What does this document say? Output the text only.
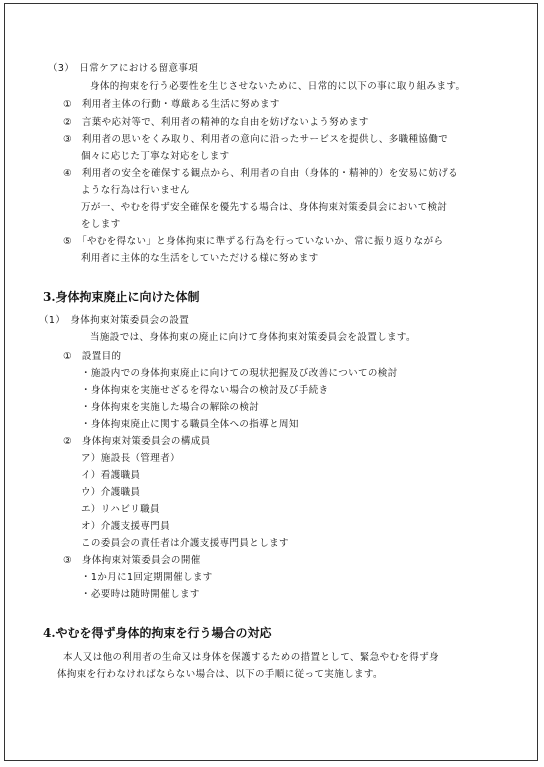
（3）　日常ケアにおける留意事項
身体的拘束を行う必要性を生じさせないために、日常的に以下の事に取り組みます。
①　利用者主体の行動・尊厳ある生活に努めます
②　言葉や応対等で、利用者の精神的な自由を妨げないよう努めます
③　利用者の思いをくみ取り、利用者の意向に沿ったサービスを提供し、多職種協働で
個々に応じた丁寧な対応をします
④　利用者の安全を確保する観点から、利用者の自由（身体的・精神的）を安易に妨げる
ような行為は行いません
万が一、やむを得ず安全確保を優先する場合は、身体拘束対策委員会において検討
をします
⑤　「やむを得ない」と身体拘束に準ずる行為を行っていないか、常に振り返りながら
利用者に主体的な生活をしていただける様に努めます
3.身体拘束廃止に向けた体制
（1）　身体拘束対策委員会の設置
当施設では、身体拘束の廃止に向けて身体拘束対策委員会を設置します。
①　設置目的
・施設内での身体拘束廃止に向けての現状把握及び改善についての検討
・身体拘束を実施せざるを得ない場合の検討及び手続き
・身体拘束を実施した場合の解除の検討
・身体拘束廃止に関する職員全体への指導と周知
②　身体拘束対策委員会の構成員
ア）施設長（管理者）
イ）看護職員
ウ）介護職員
エ）リハビリ職員
オ）介護支援専門員
この委員会の責任者は介護支援専門員とします
③　身体拘束対策委員会の開催
・1か月に1回定期開催します
・必要時は随時開催します
4.やむを得ず身体的拘束を行う場合の対応
本人又は他の利用者の生命又は身体を保護するための措置として、緊急やむを得ず身
体拘束を行わなければならない場合は、以下の手順に従って実施します。
